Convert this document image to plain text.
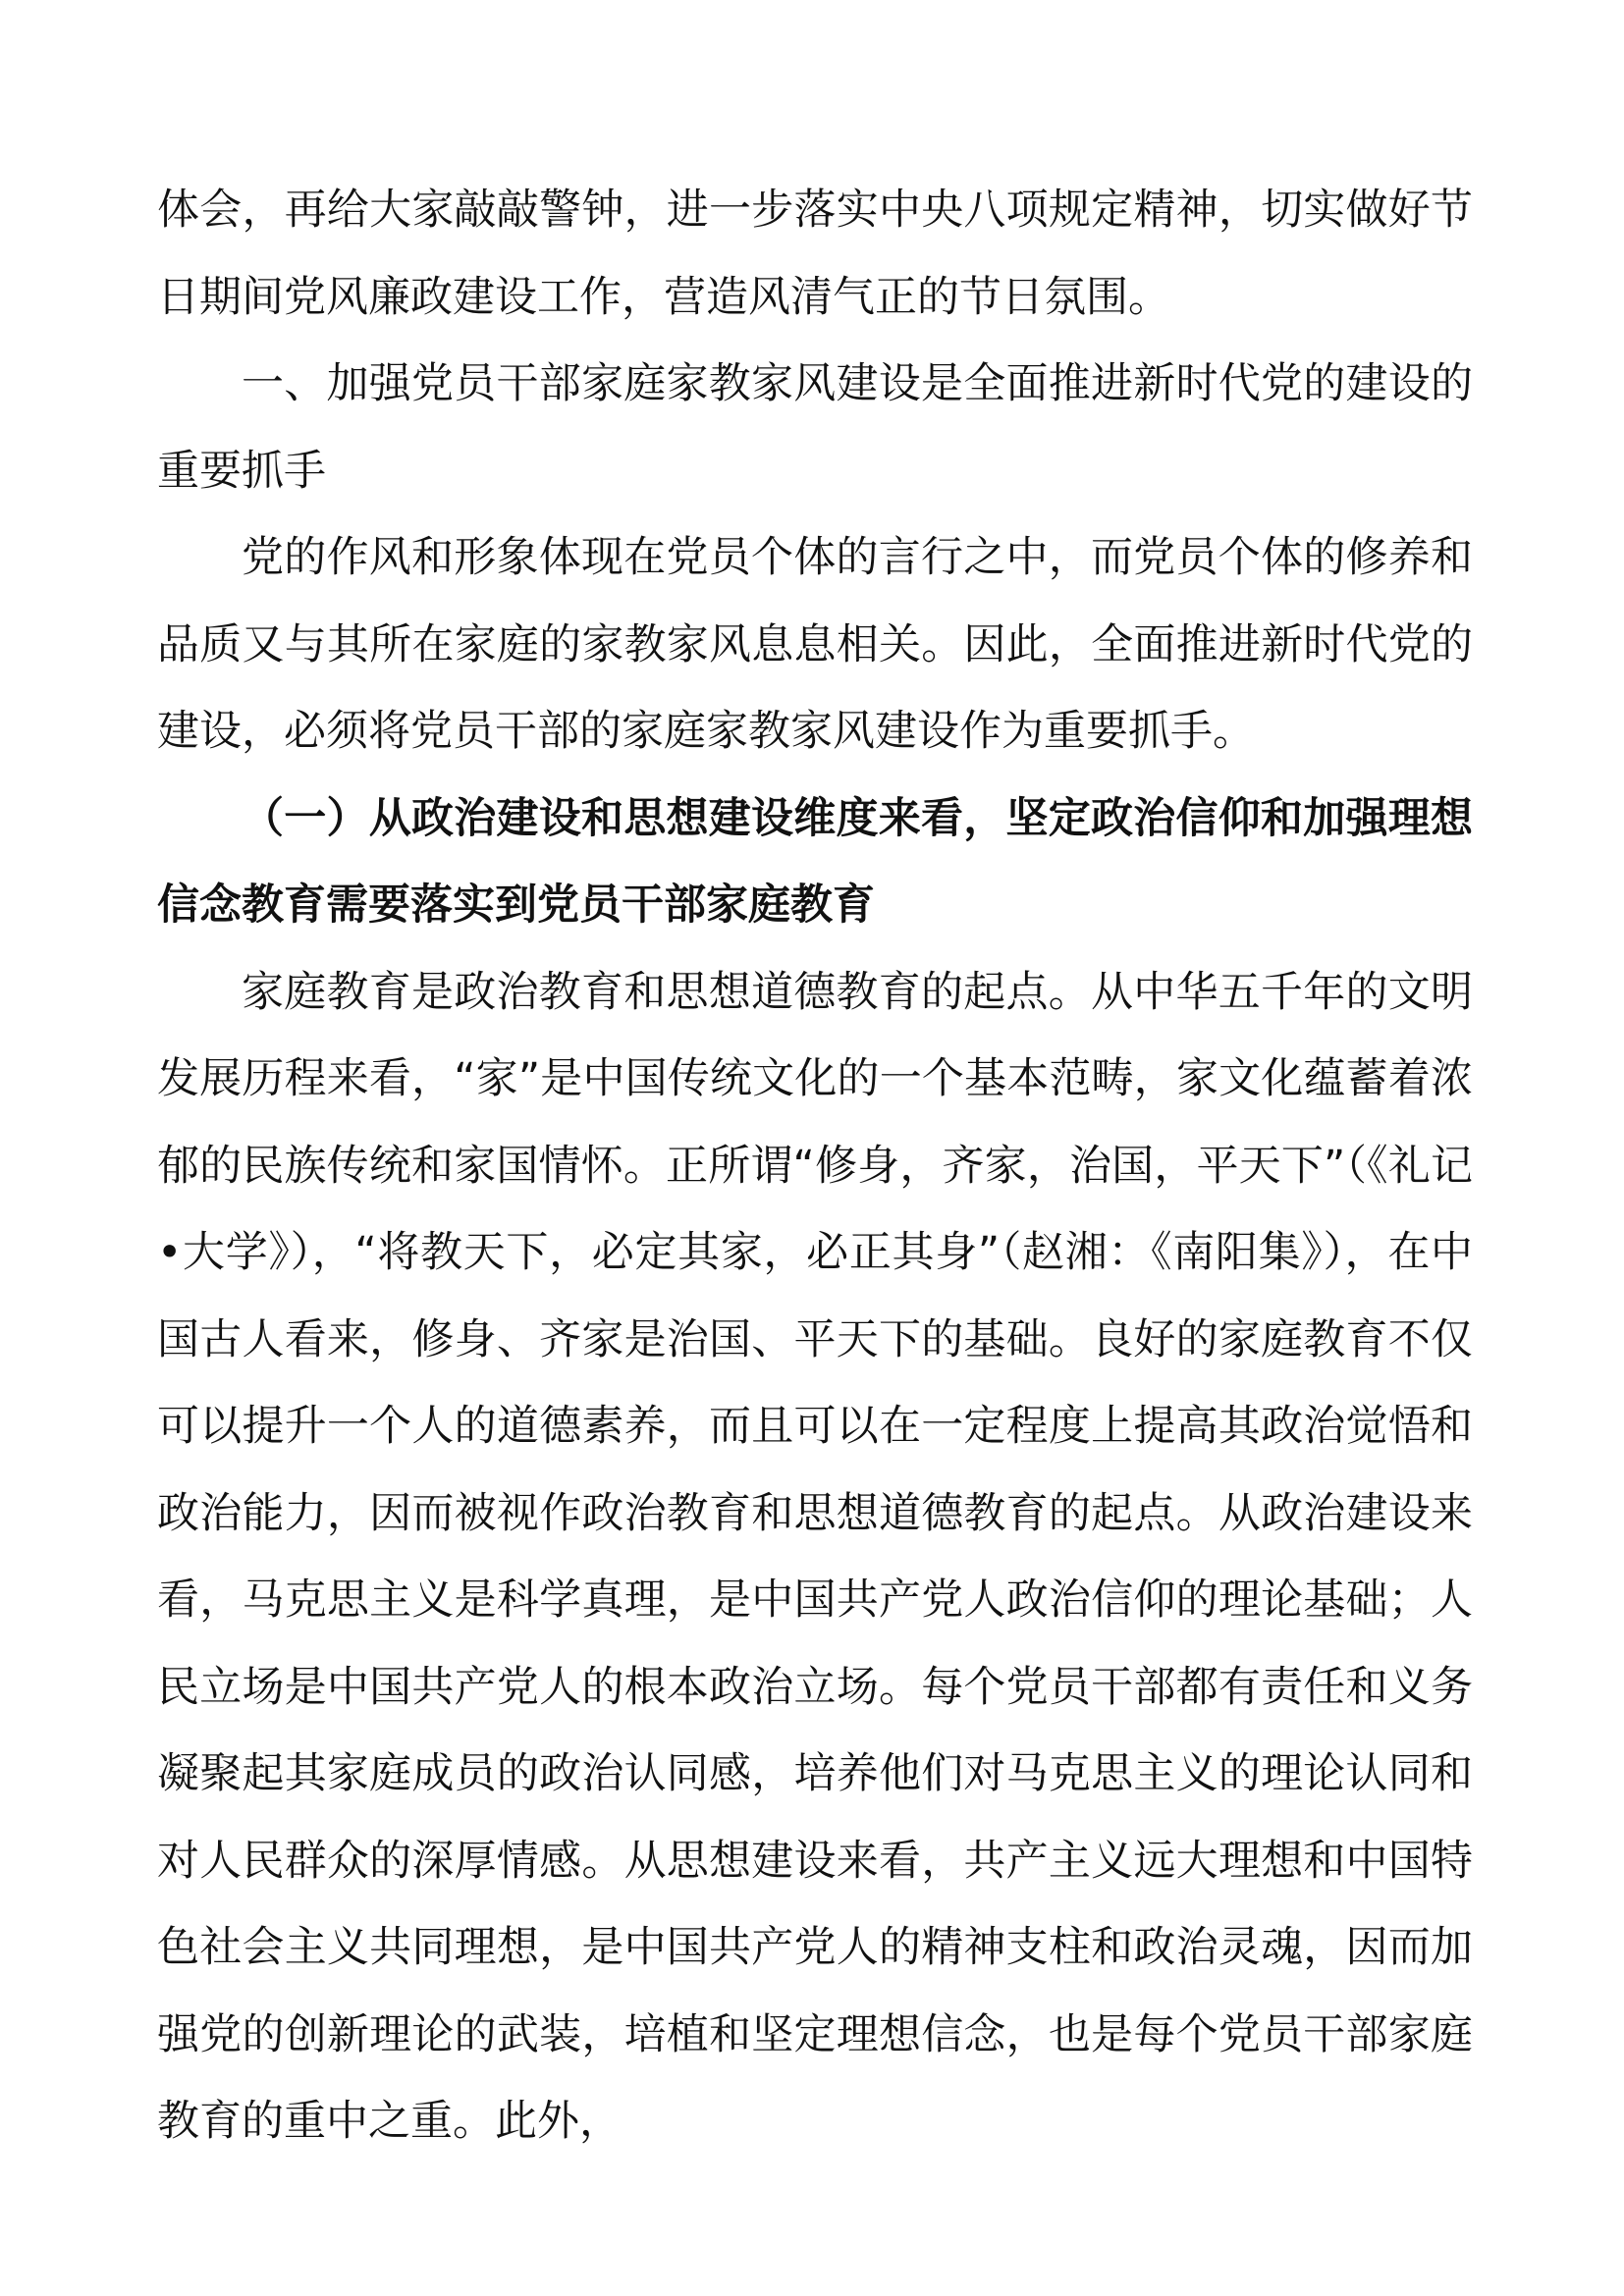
体会，再给大家敲敲警钟，进一步落实中央八项规定精神，切实做好节日期间党风廉政建设工作，营造风清气正的节日氛围。

一、加强党员干部家庭家教家风建设是全面推进新时代党的建设的重要抓手

党的作风和形象体现在党员个体的言行之中，而党员个体的修养和品质又与其所在家庭的家教家风息息相关。因此，全面推进新时代党的建设，必须将党员干部的家庭家教家风建设作为重要抓手。

（一）从政治建设和思想建设维度来看，坚定政治信仰和加强理想信念教育需要落实到党员干部家庭教育

家庭教育是政治教育和思想道德教育的起点。从中华五千年的文明发展历程来看，“家”是中国传统文化的一个基本范畴，家文化蕴蓄着浓郁的民族传统和家国情怀。正所谓“修身，齐家，治国，平天下”（《礼记•大学》），“将教天下，必定其家，必正其身”（赵湘：《南阳集》），在中国古人看来，修身、齐家是治国、平天下的基础。良好的家庭教育不仅可以提升一个人的道德素养，而且可以在一定程度上提高其政治觉悟和政治能力，因而被视作政治教育和思想道德教育的起点。从政治建设来看，马克思主义是科学真理，是中国共产党人政治信仰的理论基础；人民立场是中国共产党人的根本政治立场。每个党员干部都有责任和义务凝聚起其家庭成员的政治认同感，培养他们对马克思主义的理论认同和对人民群众的深厚情感。从思想建设来看，共产主义远大理想和中国特色社会主义共同理想，是中国共产党人的精神支柱和政治灵魂，因而加强党的创新理论的武装，培植和坚定理想信念，也是每个党员干部家庭教育的重中之重。此外，
